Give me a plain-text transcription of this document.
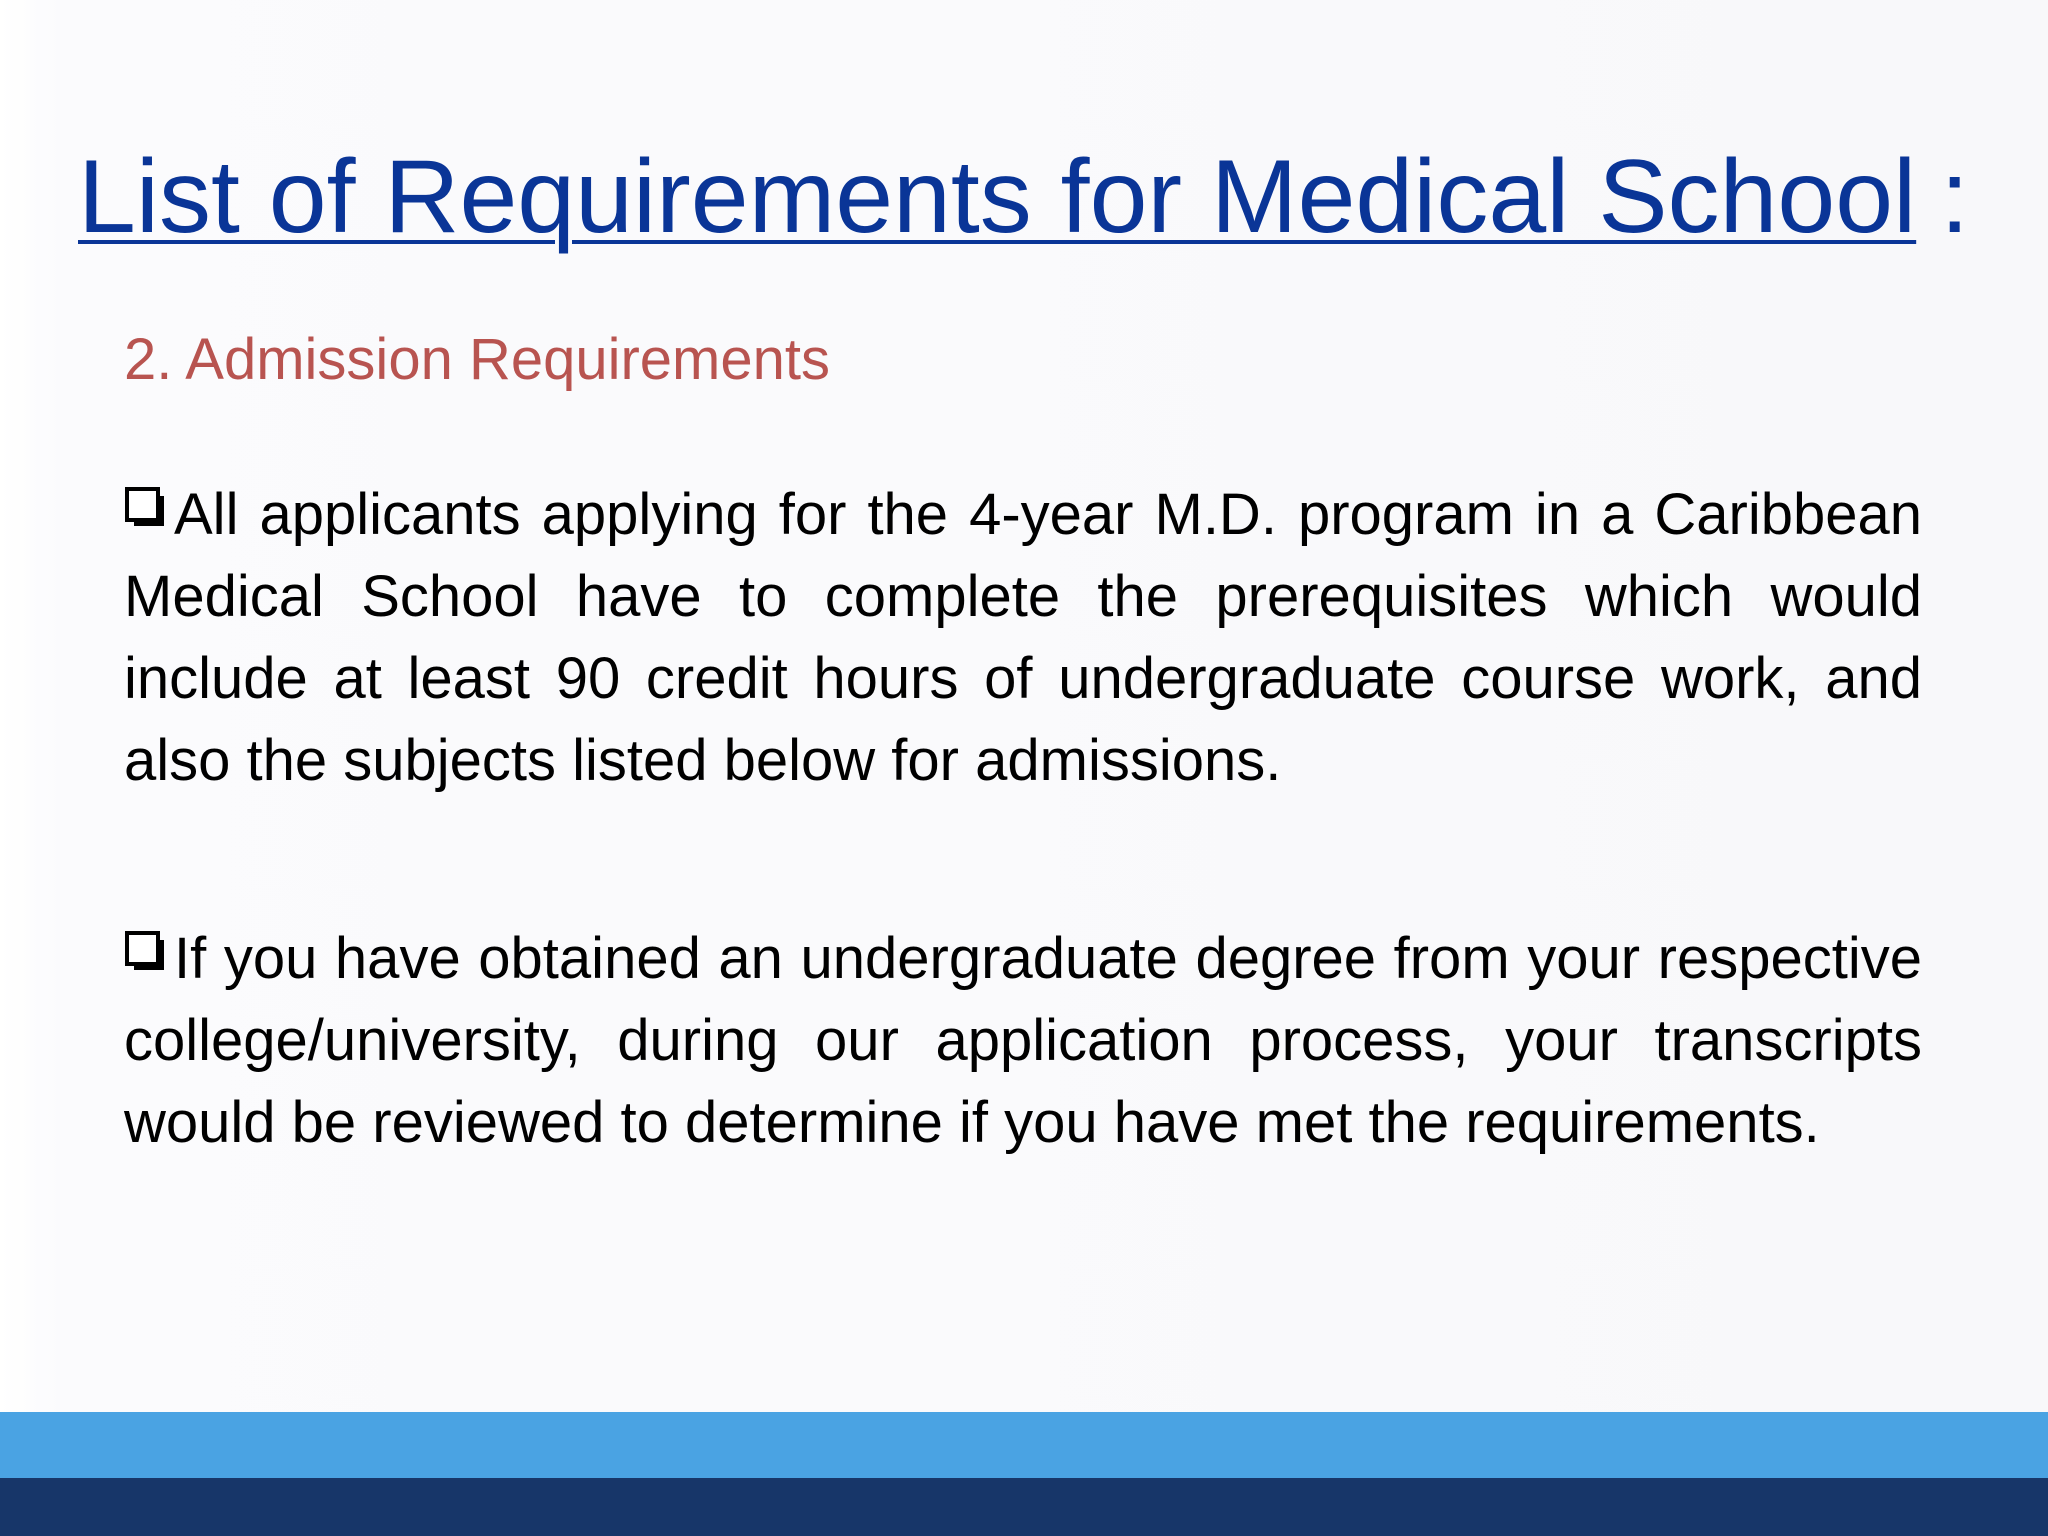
List of Requirements for Medical School :
2. Admission Requirements
All applicants applying for the 4-year M.D. program in a Caribbean Medical School have to complete the prerequisites which would include at least 90 credit hours of undergraduate course work, and also the subjects listed below for admissions.
If you have obtained an undergraduate degree from your respective college/university, during our application process, your transcripts would be reviewed to determine if you have met the requirements.
